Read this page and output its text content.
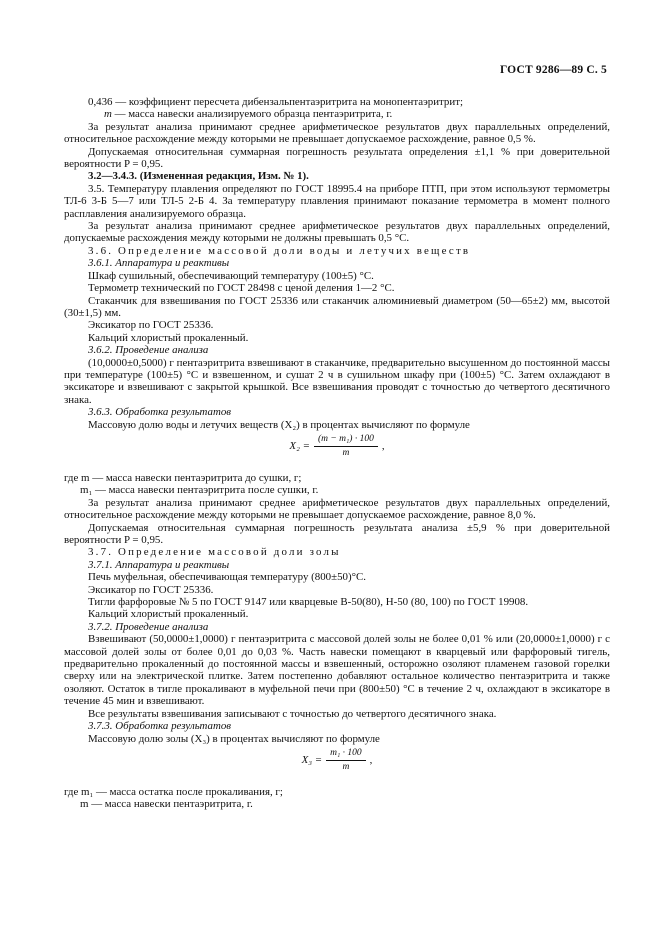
ГОСТ 9286—89 С. 5

0,436 — коэффициент пересчета дибензальпентаэритрита на монопентаэритрит;

m — масса навески анализируемого образца пентаэритрита, г.

За результат анализа принимают среднее арифметическое результатов двух параллельных определений, относительное расхождение между которыми не превышает допускаемое расхождение, равное 0,5 %.

Допускаемая относительная суммарная погрешность результата определения ±1,1 % при доверительной вероятности P = 0,95.

3.2—3.4.3. (Измененная редакция, Изм. № 1).

3.5. Температуру плавления определяют по ГОСТ 18995.4 на приборе ПТП, при этом используют термометры ТЛ-6 3-Б 5—7 или ТЛ-5 2-Б 4. За температуру плавления принимают показание термометра в момент полного расплавления анализируемого образца.

За результат анализа принимают среднее арифметическое результатов двух параллельных определений, допускаемые расхождения между которыми не должны превышать 0,5 °С.

3.6. Определение массовой доли воды и летучих веществ

3.6.1. Аппаратура и реактивы

Шкаф сушильный, обеспечивающий температуру (100±5) °С.

Термометр технический по ГОСТ 28498 с ценой деления 1—2 °С.

Стаканчик для взвешивания по ГОСТ 25336 или стаканчик алюминиевый диаметром (50—65±2) мм, высотой (30±1,5) мм.

Эксикатор по ГОСТ 25336.

Кальций хлористый прокаленный.

3.6.2. Проведение анализа

(10,0000±0,5000) г пентаэритрита взвешивают в стаканчике, предварительно высушенном до постоянной массы при температуре (100±5) °С и взвешенном, и сушат 2 ч в сушильном шкафу при (100±5) °С. Затем охлаждают в эксикаторе и взвешивают с закрытой крышкой. Все взвешивания проводят с точностью до четвертого десятичного знака.

3.6.3. Обработка результатов

Массовую долю воды и летучих веществ (X₂) в процентах вычисляют по формуле

$X_2 = \frac{\text{(m − m₁) · 100}}{m}$ ,

где m — масса навески пентаэритрита до сушки, г;

m₁ — масса навески пентаэритрита после сушки, г.

За результат анализа принимают среднее арифметическое результатов двух параллельных определений, относительное расхождение между которыми не превышает допускаемое расхождение, равное 8,0 %.

Допускаемая относительная суммарная погрешность результата анализа ±5,9 % при доверительной вероятности P = 0,95.

3.7. Определение массовой доли золы

3.7.1. Аппаратура и реактивы

Печь муфельная, обеспечивающая температуру (800±50)°С.

Эксикатор по ГОСТ 25336.

Тигли фарфоровые № 5 по ГОСТ 9147 или кварцевые В-50(80), Н-50 (80, 100) по ГОСТ 19908.

Кальций хлористый прокаленный.

3.7.2. Проведение анализа

Взвешивают (50,0000±1,0000) г пентаэритрита с массовой долей золы не более 0,01 % или (20,0000±1,0000) г с массовой долей золы от более 0,01 до 0,03 %. Часть навески помещают в кварцевый или фарфоровый тигель, предварительно прокаленный до постоянной массы и взвешенный, осторожно озоляют пламенем газовой горелки сверху или на электрической плитке. Затем постепенно добавляют остальное количество пентаэритрита и также озоляют. Остаток в тигле прокаливают в муфельной печи при (800±50) °С в течение 2 ч, охлаждают в эксикаторе в течение 45 мин и взвешивают.

Все результаты взвешивания записывают с точностью до четвертого десятичного знака.

3.7.3. Обработка результатов

Массовую долю золы (X₃) в процентах вычисляют по формуле

$X_3 = \frac{\text{m₁ · 100}}{m}$ ,

где m₁ — масса остатка после прокаливания, г;

m — масса навески пентаэритрита, г.
